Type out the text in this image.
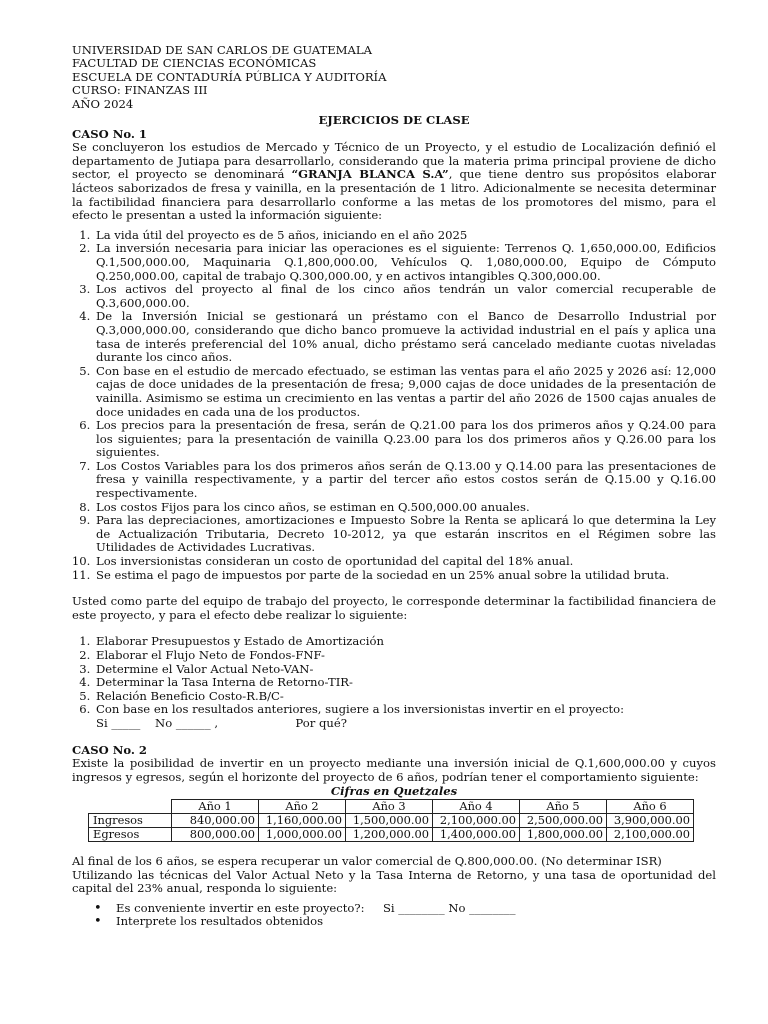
UNIVERSIDAD DE SAN CARLOS DE GUATEMALA
FACULTAD DE CIENCIAS ECONÓMICAS
ESCUELA DE CONTADURÍA PÚBLICA Y AUDITORÍA
CURSO: FINANZAS III
AÑO 2024
EJERCICIOS DE CLASE
CASO No. 1
Se concluyeron los estudios de Mercado y Técnico de un Proyecto, y el estudio de Localización definió el departamento de Jutiapa para desarrollarlo, considerando que la materia prima principal proviene de dicho sector, el proyecto se denominará “GRANJA BLANCA S.A”, que tiene dentro sus propósitos elaborar lácteos saborizados de fresa y vainilla, en la presentación de 1 litro. Adicionalmente se necesita determinar la factibilidad financiera para desarrollarlo conforme a las metas de los promotores del mismo, para el efecto le presentan a usted la información siguiente:
1. La vida útil del proyecto es de 5 años, iniciando en el año 2025
2. La inversión necesaria para iniciar las operaciones es el siguiente: Terrenos Q. 1,650,000.00, Edificios Q.1,500,000.00, Maquinaria Q.1,800,000.00, Vehículos Q. 1,080,000.00, Equipo de Cómputo Q.250,000.00, capital de trabajo Q.300,000.00, y en activos intangibles Q.300,000.00.
3. Los activos del proyecto al final de los cinco años tendrán un valor comercial recuperable de Q.3,600,000.00.
4. De la Inversión Inicial se gestionará un préstamo con el Banco de Desarrollo Industrial por Q.3,000,000.00, considerando que dicho banco promueve la actividad industrial en el país y aplica una tasa de interés preferencial del 10% anual, dicho préstamo será cancelado mediante cuotas niveladas durante los cinco años.
5. Con base en el estudio de mercado efectuado, se estiman las ventas para el año 2025 y 2026 así: 12,000 cajas de doce unidades de la presentación de fresa; 9,000 cajas de doce unidades de la presentación de vainilla. Asimismo se estima un crecimiento en las ventas a partir del año 2026 de 1500 cajas anuales de doce unidades en cada una de los productos.
6. Los precios para la presentación de fresa, serán de Q.21.00 para los dos primeros años y Q.24.00 para los siguientes; para la presentación de vainilla Q.23.00 para los dos primeros años y Q.26.00 para los siguientes.
7. Los Costos Variables para los dos primeros años serán de Q.13.00 y Q.14.00 para las presentaciones de fresa y vainilla respectivamente, y a partir del tercer año estos costos serán de Q.15.00 y Q.16.00 respectivamente.
8. Los costos Fijos para los cinco años, se estiman en Q.500,000.00 anuales.
9. Para las depreciaciones, amortizaciones e Impuesto Sobre la Renta se aplicará lo que determina la Ley de Actualización Tributaria, Decreto 10-2012, ya que estarán inscritos en el Régimen sobre las Utilidades de Actividades Lucrativas.
10. Los inversionistas consideran un costo de oportunidad del capital del 18% anual.
11. Se estima el pago de impuestos por parte de la sociedad en un 25% anual sobre la utilidad bruta.
Usted como parte del equipo de trabajo del proyecto, le corresponde determinar la factibilidad financiera de este proyecto, y para el efecto debe realizar lo siguiente:
1. Elaborar Presupuestos y Estado de Amortización
2. Elaborar el Flujo Neto de Fondos-FNF-
3. Determine el Valor Actual Neto-VAN-
4. Determinar la Tasa Interna de Retorno-TIR-
5. Relación Beneficio Costo-R.B/C-
6. Con base en los resultados anteriores, sugiere a los inversionistas invertir en el proyecto:
Si _____    No ______ ,                     Por qué?
CASO No. 2
Existe la posibilidad de invertir en un proyecto mediante una inversión inicial de Q.1,600,000.00 y cuyos ingresos y egresos, según el horizonte del proyecto de 6 años, podrían tener el comportamiento siguiente:
Cifras en Quetzales
	Año 1	Año 2	Año 3	Año 4	Año 5	Año 6
Ingresos	840,000.00	1,160,000.00	1,500,000.00	2,100,000.00	2,500,000.00	3,900,000.00
Egresos	800,000.00	1,000,000.00	1,200,000.00	1,400,000.00	1,800,000.00	2,100,000.00
Al final de los 6 años, se espera recuperar un valor comercial de Q.800,000.00. (No determinar ISR)
Utilizando las técnicas del Valor Actual Neto y la Tasa Interna de Retorno, y una tasa de oportunidad del capital del 23% anual, responda lo siguiente:
• Es conveniente invertir en este proyecto?:     Si ________ No ________
• Interprete los resultados obtenidos
